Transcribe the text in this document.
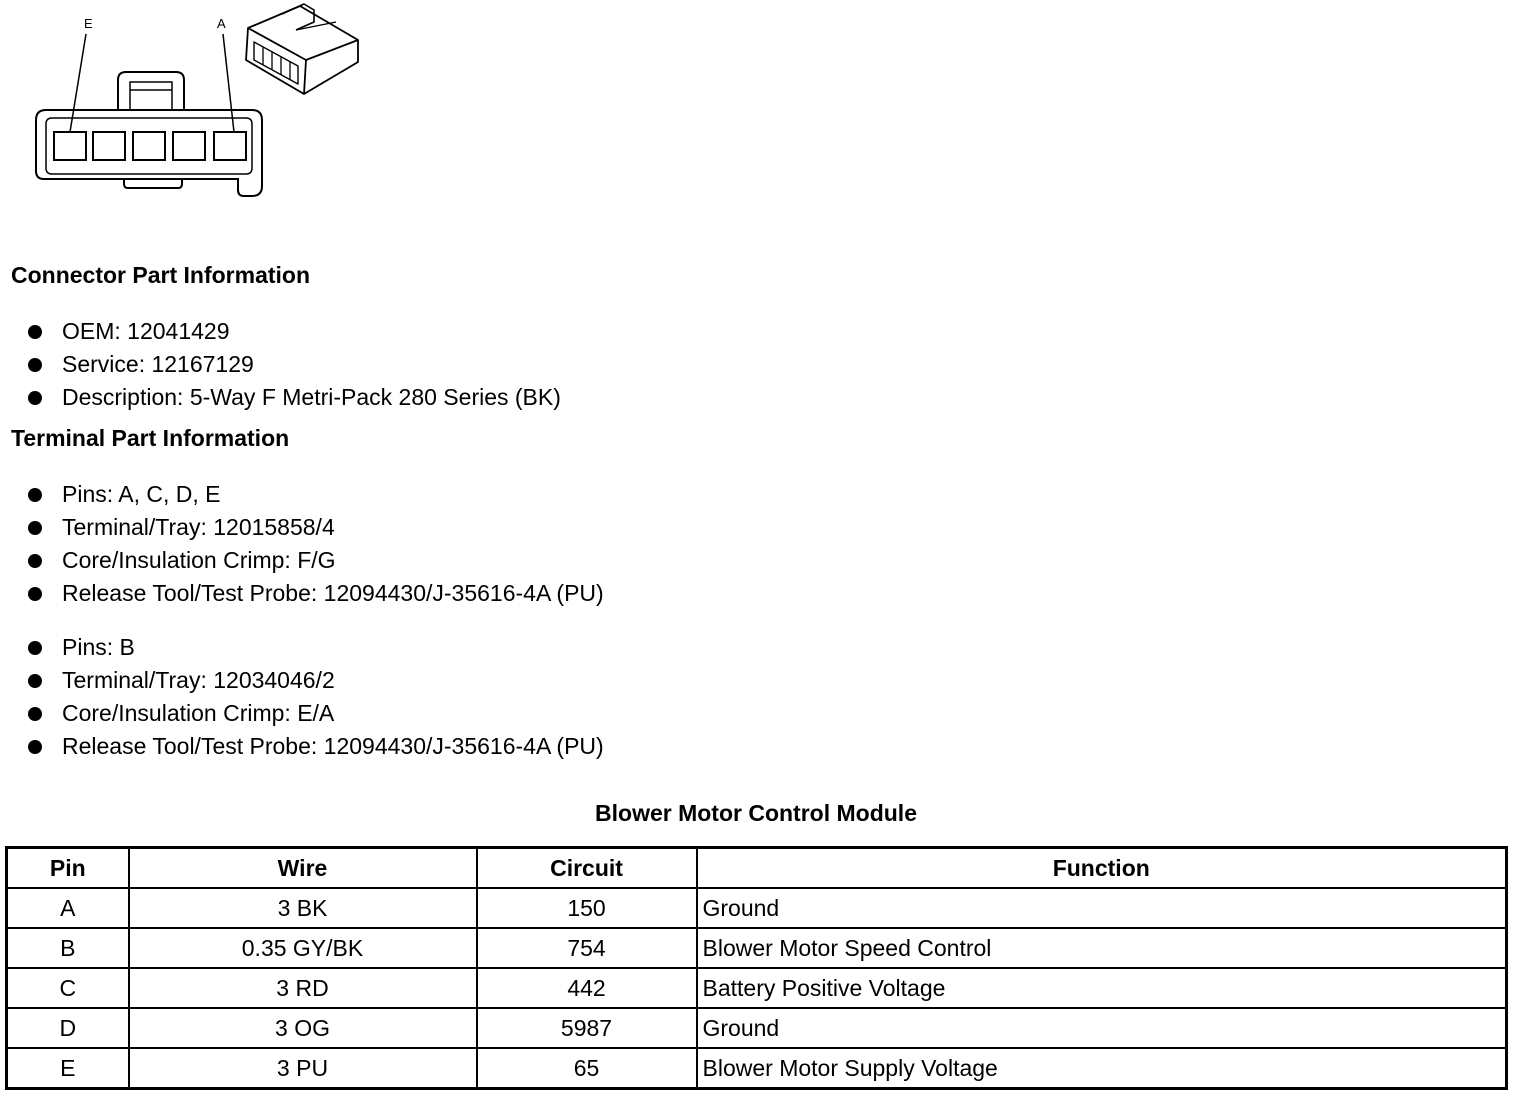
E	A
Connector Part Information
OEM: 12041429
Service: 12167129
Description: 5-Way F Metri-Pack 280 Series (BK)
Terminal Part Information
Pins: A, C, D, E
Terminal/Tray: 12015858/4
Core/Insulation Crimp: F/G
Release Tool/Test Probe: 12094430/J-35616-4A (PU)
Pins: B
Terminal/Tray: 12034046/2
Core/Insulation Crimp: E/A
Release Tool/Test Probe: 12094430/J-35616-4A (PU)
Blower Motor Control Module
Pin	Wire	Circuit	Function
A	3 BK	150	Ground
B	0.35 GY/BK	754	Blower Motor Speed Control
C	3 RD	442	Battery Positive Voltage
D	3 OG	5987	Ground
E	3 PU	65	Blower Motor Supply Voltage
